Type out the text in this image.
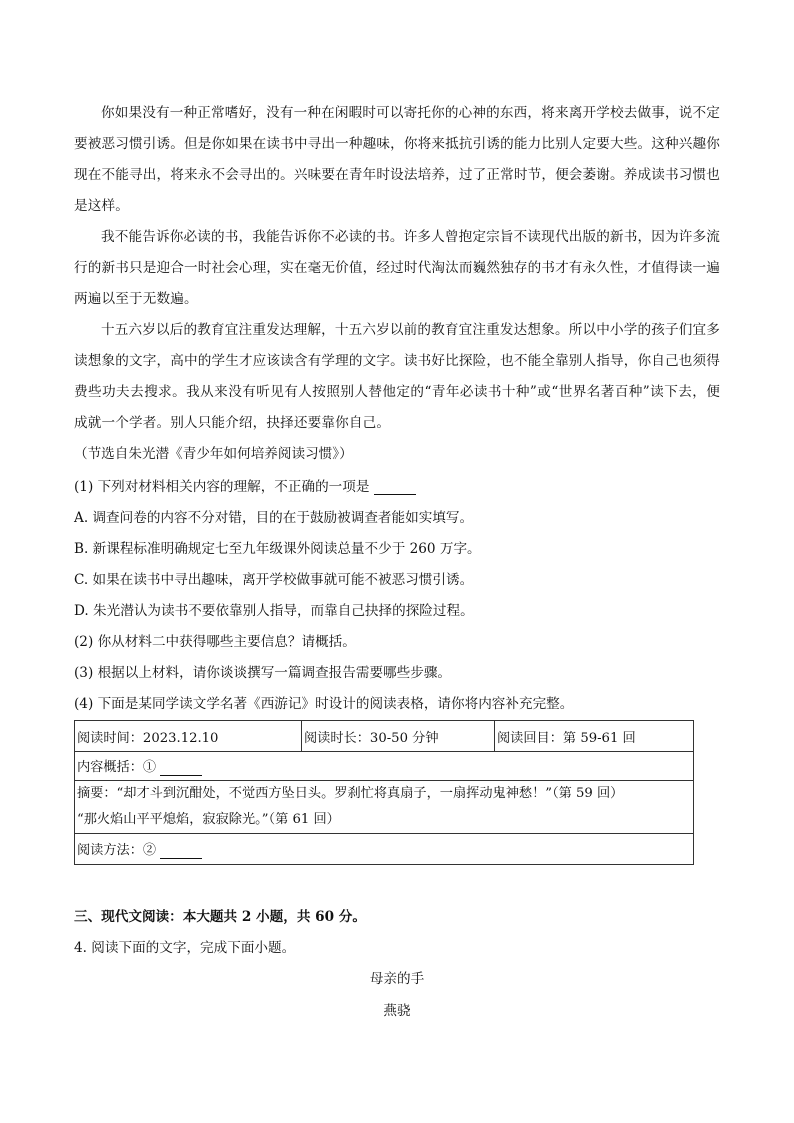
你如果没有一种正常嗜好，没有一种在闲暇时可以寄托你的心神的东西，将来离开学校去做事，说不定要被恶习惯引诱。但是你如果在读书中寻出一种趣味，你将来抵抗引诱的能力比别人定要大些。这种兴趣你现在不能寻出，将来永不会寻出的。兴味要在青年时设法培养，过了正常时节，便会萎谢。养成读书习惯也是这样。

我不能告诉你必读的书，我能告诉你不必读的书。许多人曾抱定宗旨不读现代出版的新书，因为许多流行的新书只是迎合一时社会心理，实在毫无价值，经过时代淘汰而巍然独存的书才有永久性，才值得读一遍两遍以至于无数遍。

十五六岁以后的教育宜注重发达理解，十五六岁以前的教育宜注重发达想象。所以中小学的孩子们宜多读想象的文字，高中的学生才应该读含有学理的文字。读书好比探险，也不能全靠别人指导，你自己也须得费些功夫去搜求。我从来没有听见有人按照别人替他定的“青年必读书十种”或“世界名著百种”读下去，便成就一个学者。别人只能介绍，抉择还要靠你自己。

（节选自朱光潜《青少年如何培养阅读习惯》）

(1) 下列对材料相关内容的理解，不正确的一项是

A. 调查问卷的内容不分对错，目的在于鼓励被调查者能如实填写。

B. 新课程标准明确规定七至九年级课外阅读总量不少于 260 万字。

C. 如果在读书中寻出趣味，离开学校做事就可能不被恶习惯引诱。

D. 朱光潜认为读书不要依靠别人指导，而靠自己抉择的探险过程。

(2) 你从材料二中获得哪些主要信息？请概括。

(3) 根据以上材料，请你谈谈撰写一篇调查报告需要哪些步骤。

(4) 下面是某同学读文学名著《西游记》时设计的阅读表格，请你将内容补充完整。

阅读时间：2023.12.10	阅读时长：30-50 分钟	阅读回目：第 59-61 回
内容概括：①

摘要：“却才斗到沉酣处，不觉西方坠日头。罗刹忙将真扇子，一扇挥动鬼神愁！”（第 59 回）
“那火焰山平平熄焰，寂寂除光。”（第 61 回）

阅读方法：②

三、现代文阅读：本大题共 2 小题，共 60 分。

4. 阅读下面的文字，完成下面小题。

母亲的手

燕骁
